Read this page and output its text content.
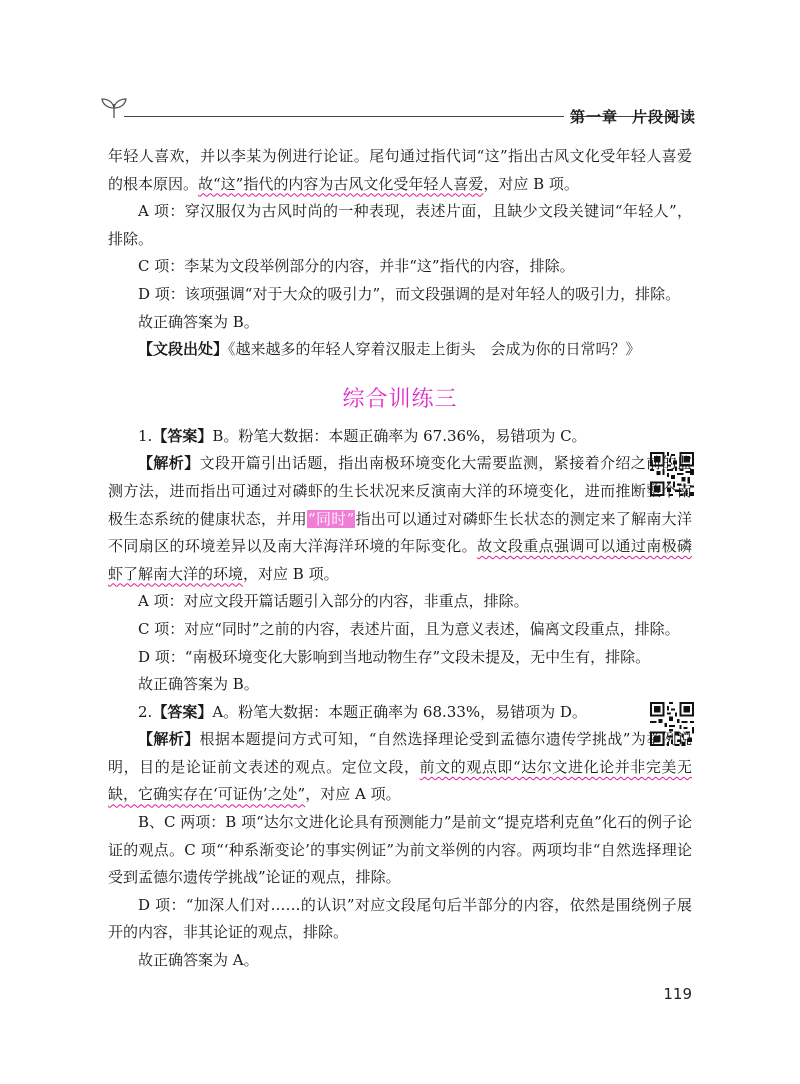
第一章 片段阅读

年轻人喜欢，并以李某为例进行论证。尾句通过指代词“这”指出古风文化受年轻人喜爱的根本原因。故“这”指代的内容为古风文化受年轻人喜爱，对应 B 项。

A 项：穿汉服仅为古风时尚的一种表现，表述片面，且缺少文段关键词“年轻人”，排除。

C 项：李某为文段举例部分的内容，并非“这”指代的内容，排除。

D 项：该项强调“对于大众的吸引力”，而文段强调的是对年轻人的吸引力，排除。

故正确答案为 B。

【文段出处】《越来越多的年轻人穿着汉服走上街头　会成为你的日常吗？》

综合训练三

1.【答案】B。粉笔大数据：本题正确率为 67.36%，易错项为 C。

【解析】文段开篇引出话题，指出南极环境变化大需要监测，紧接着介绍之前的监测方法，进而指出可通过对磷虾的生长状况来反演南大洋的环境变化，进而推断整个南极生态系统的健康状态，并用“同时”指出可以通过对磷虾生长状态的测定来了解南大洋不同扇区的环境差异以及南大洋海洋环境的年际变化。故文段重点强调可以通过南极磷虾了解南大洋的环境，对应 B 项。

A 项：对应文段开篇话题引入部分的内容，非重点，排除。

C 项：对应“同时”之前的内容，表述片面，且为意义表述，偏离文段重点，排除。

D 项：“南极环境变化大影响到当地动物生存”文段未提及，无中生有，排除。

故正确答案为 B。

2.【答案】A。粉笔大数据：本题正确率为 68.33%，易错项为 D。

【解析】根据本题提问方式可知，“自然选择理论受到孟德尔遗传学挑战”为举例说明，目的是论证前文表述的观点。定位文段，前文的观点即“达尔文进化论并非完美无缺，它确实存在‘可证伪’之处”，对应 A 项。

B、C 两项：B 项“达尔文进化论具有预测能力”是前文“提克塔利克鱼”化石的例子论证的观点。C 项“‘种系渐变论’的事实例证”为前文举例的内容。两项均非“自然选择理论受到孟德尔遗传学挑战”论证的观点，排除。

D 项：“加深人们对……的认识”对应文段尾句后半部分的内容，依然是围绕例子展开的内容，非其论证的观点，排除。

故正确答案为 A。

119
